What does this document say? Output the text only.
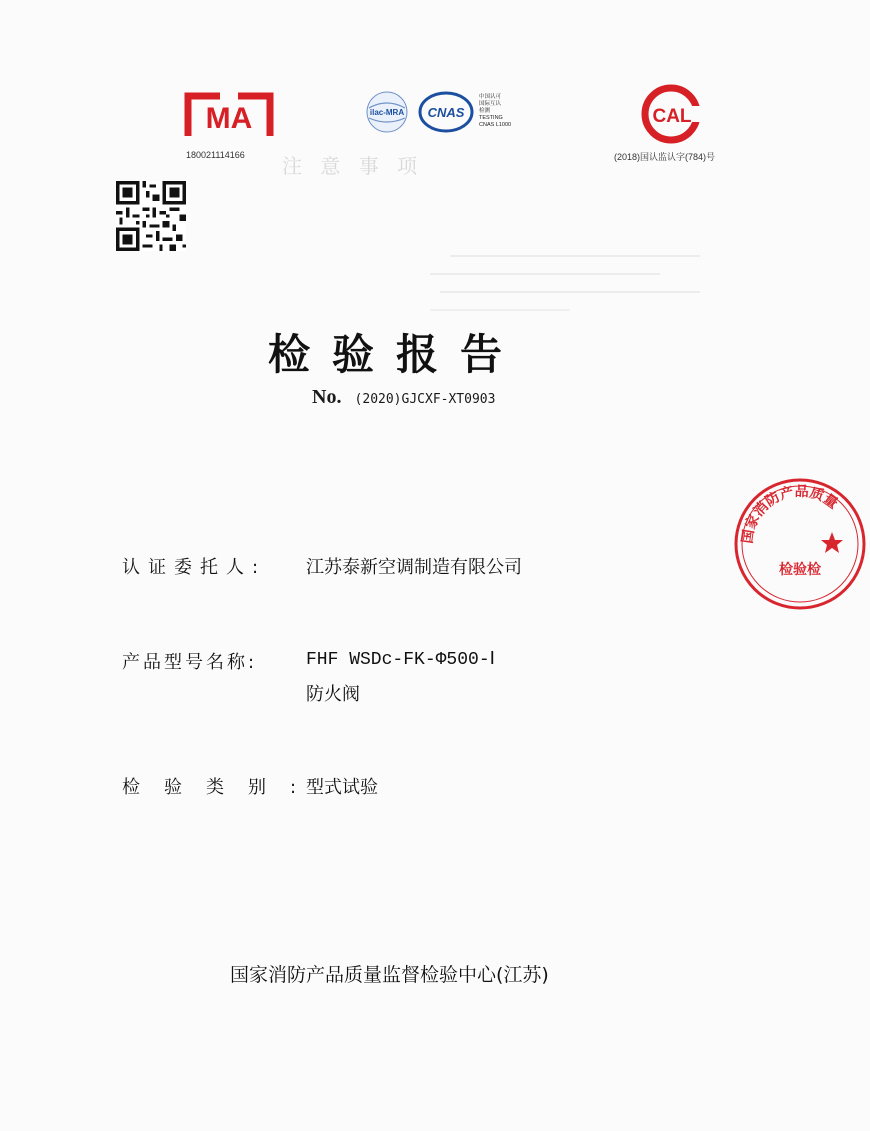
MA
180021114166
ilac-MRA CNAS
中国认可
国际互认
检测
TESTING
CNAS L1000	CAL
(2018)国认监认字(784)号
注 意 事 项
检验报告
No. (2020)GJCXF-XT0903
认证委托人: 江苏泰新空调制造有限公司
产品型号名称:	FHF WSDc-FK-Φ500-Ⅰ
防火阀
检验类别:
型式试验
国家消防产品质量监督检验中心(江苏)
国家消防产品质量
检验检
